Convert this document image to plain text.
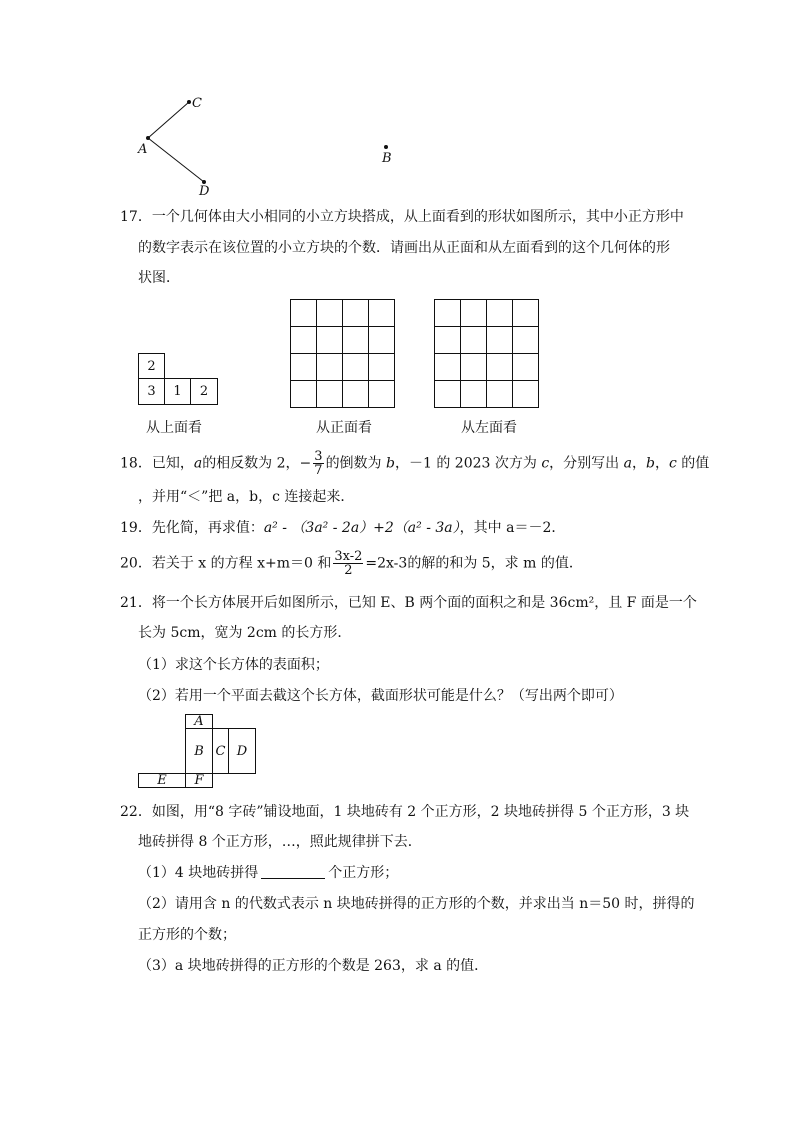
C
A
D
B
17．一个几何体由大小相同的小立方块搭成，从上面看到的形状如图所示，其中小正方形中
的数字表示在该位置的小立方块的个数．请画出从正面和从左面看到的这个几何体的形
状图．
2
3	1	2
从上面看	从正面看	从左面看
18．已知，a的相反数为 2，− $\frac{3}{7}$ 的倒数为 b，－1 的 2023 次方为 c，分别写出 a，b，c 的值
，并用“＜”把 a，b，c 连接起来．
19．先化简，再求值：a² - （3a² - 2a）+2（a² - 3a），其中 a＝－2．
20．若关于 x 的方程 x+m＝0 和 $\frac{3x-2}{2} =2x-3$的解的和为 5，求 m 的值．
21．将一个长方体展开后如图所示，已知 E、B 两个面的面积之和是 36cm²，且 F 面是一个
长为 5cm，宽为 2cm 的长方形．
（1）求这个长方体的表面积；
（2）若用一个平面去截这个长方体，截面形状可能是什么？（写出两个即可）
A
B C D
E	F
22．如图，用“8 字砖”铺设地面，1 块地砖有 2 个正方形，2 块地砖拼得 5 个正方形，3 块
地砖拼得 8 个正方形，…，照此规律拼下去．
（1）4 块地砖拼得	个正方形；
（2）请用含 n 的代数式表示 n 块地砖拼得的正方形的个数，并求出当 n＝50 时，拼得的
正方形的个数；
（3）a 块地砖拼得的正方形的个数是 263，求 a 的值．
